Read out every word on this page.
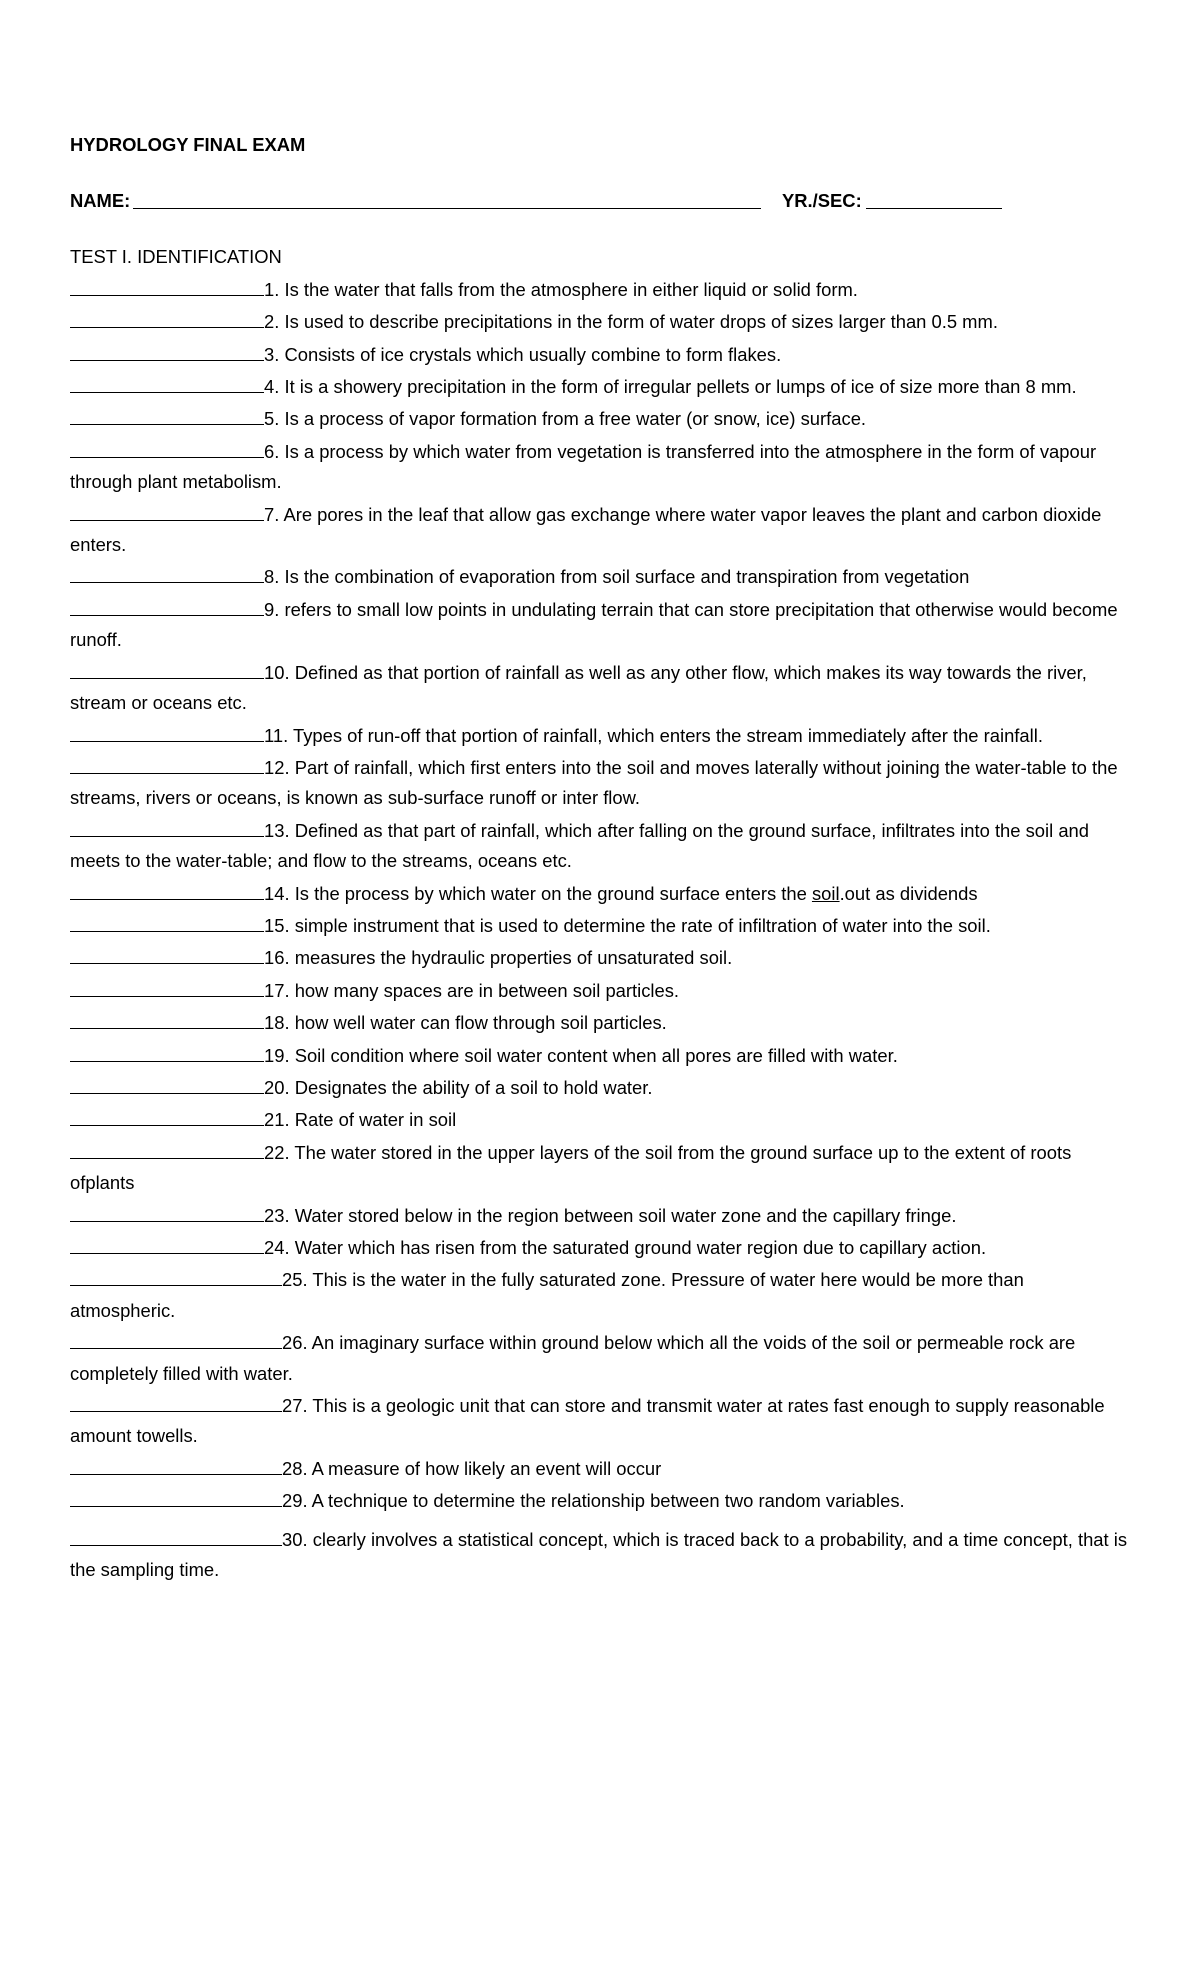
HYDROLOGY FINAL EXAM
NAME:	YR./SEC:
TEST I. IDENTIFICATION

1. Is the water that falls from the atmosphere in either liquid or solid form.

2. Is used to describe precipitations in the form of water drops of sizes larger than 0.5 mm.

3. Consists of ice crystals which usually combine to form flakes.

4. It is a showery precipitation in the form of irregular pellets or lumps of ice of size more than 8 mm.

5. Is a process of vapor formation from a free water (or snow, ice) surface.

6. Is a process by which water from vegetation is transferred into the atmosphere in the form of vapour through plant metabolism.

7. Are pores in the leaf that allow gas exchange where water vapor leaves the plant and carbon dioxide enters.

8. Is the combination of evaporation from soil surface and transpiration from vegetation

9. refers to small low points in undulating terrain that can store precipitation that otherwise would become runoff.

10. Defined as that portion of rainfall as well as any other flow, which makes its way towards the river, stream or oceans etc.

11. Types of run-off that portion of rainfall, which enters the stream immediately after the rainfall.

12. Part of rainfall, which first enters into the soil and moves laterally without joining the water-table to the streams, rivers or oceans, is known as sub-surface runoff or inter flow.

13. Defined as that part of rainfall, which after falling on the ground surface, infiltrates into the soil and meets to the water-table; and flow to the streams, oceans etc.

14. Is the process by which water on the ground surface enters the soil.out as dividends

15. simple instrument that is used to determine the rate of infiltration of water into the soil.

16. measures the hydraulic properties of unsaturated soil.

17. how many spaces are in between soil particles.

18. how well water can flow through soil particles.

19. Soil condition where soil water content when all pores are filled with water.

20. Designates the ability of a soil to hold water.

21. Rate of water in soil

22. The water stored in the upper layers of the soil from the ground surface up to the extent of roots ofplants

23. Water stored below in the region between soil water zone and the capillary fringe.

24. Water which has risen from the saturated ground water region due to capillary action.

25. This is the water in the fully saturated zone. Pressure of water here would be more than atmospheric.

26. An imaginary surface within ground below which all the voids of the soil or permeable rock are completely filled with water.

27. This is a geologic unit that can store and transmit water at rates fast enough to supply reasonable amount towells.

28. A measure of how likely an event will occur

29. A technique to determine the relationship between two random variables.

30. clearly involves a statistical concept, which is traced back to a probability, and a time concept, that is the sampling time.
